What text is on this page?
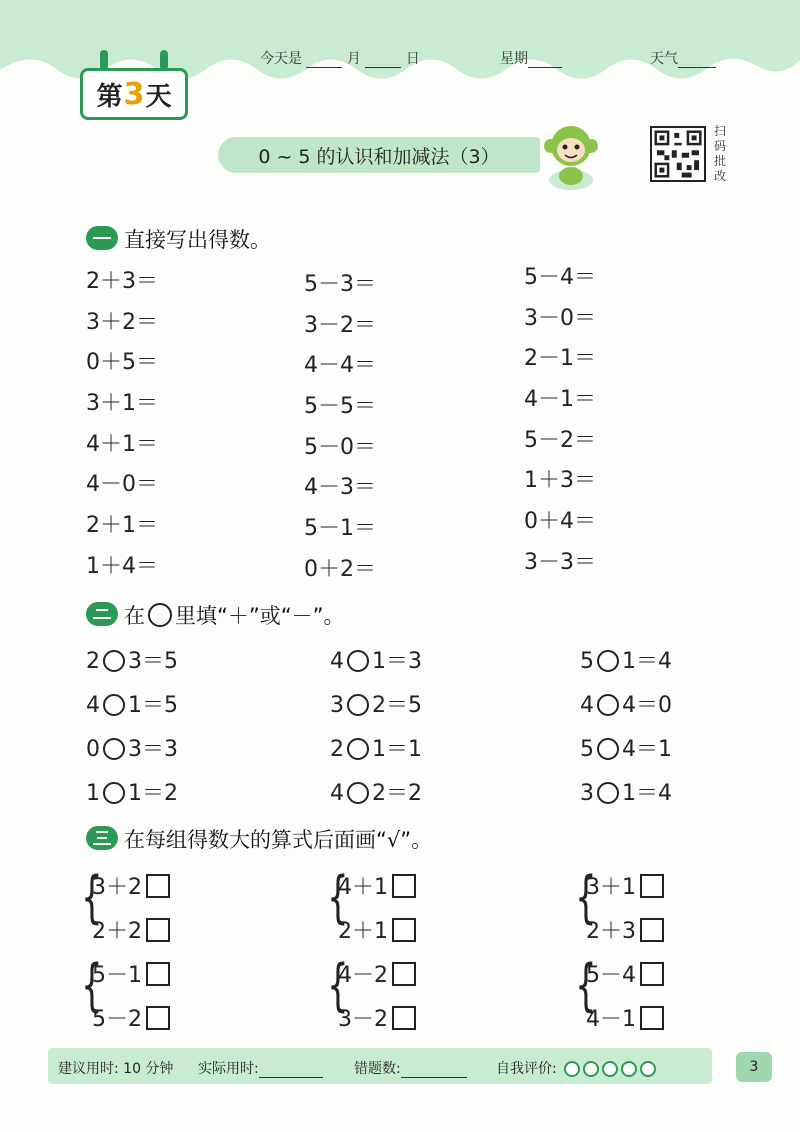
第 3 天
今天是	月	日	星期	天气
0 ~ 5 的认识和加减法（3）
扫
码
批
改
直接写出得数。
2＋3＝
3＋2＝
0＋5＝
3＋1＝
4＋1＝
4－0＝
2＋1＝
1＋4＝
5－3＝
3－2＝
4－4＝
5－5＝
5－0＝
4－3＝
5－1＝
0＋2＝
5－4＝
3－0＝
2－1＝
4－1＝
5－2＝
1＋3＝
0＋4＝
3－3＝
在 里填“＋”或“－”。
2 3＝5	4 1＝3	5 1＝4
4 1＝5	3 2＝5	4 4＝0
0 3＝3	2 1＝1	5 4＝1
1 1＝2	4 2＝2	3 1＝4
在每组得数大的算式后面画“√”。
{
3＋2
2＋2
{
4＋1
2＋1
{
3＋1
2＋3
{
5－1
5－2
{
4－2
3－2
{
5－4
4－1
建议用时: 10 分钟 实际用时:	错题数:	自我评价:	3
